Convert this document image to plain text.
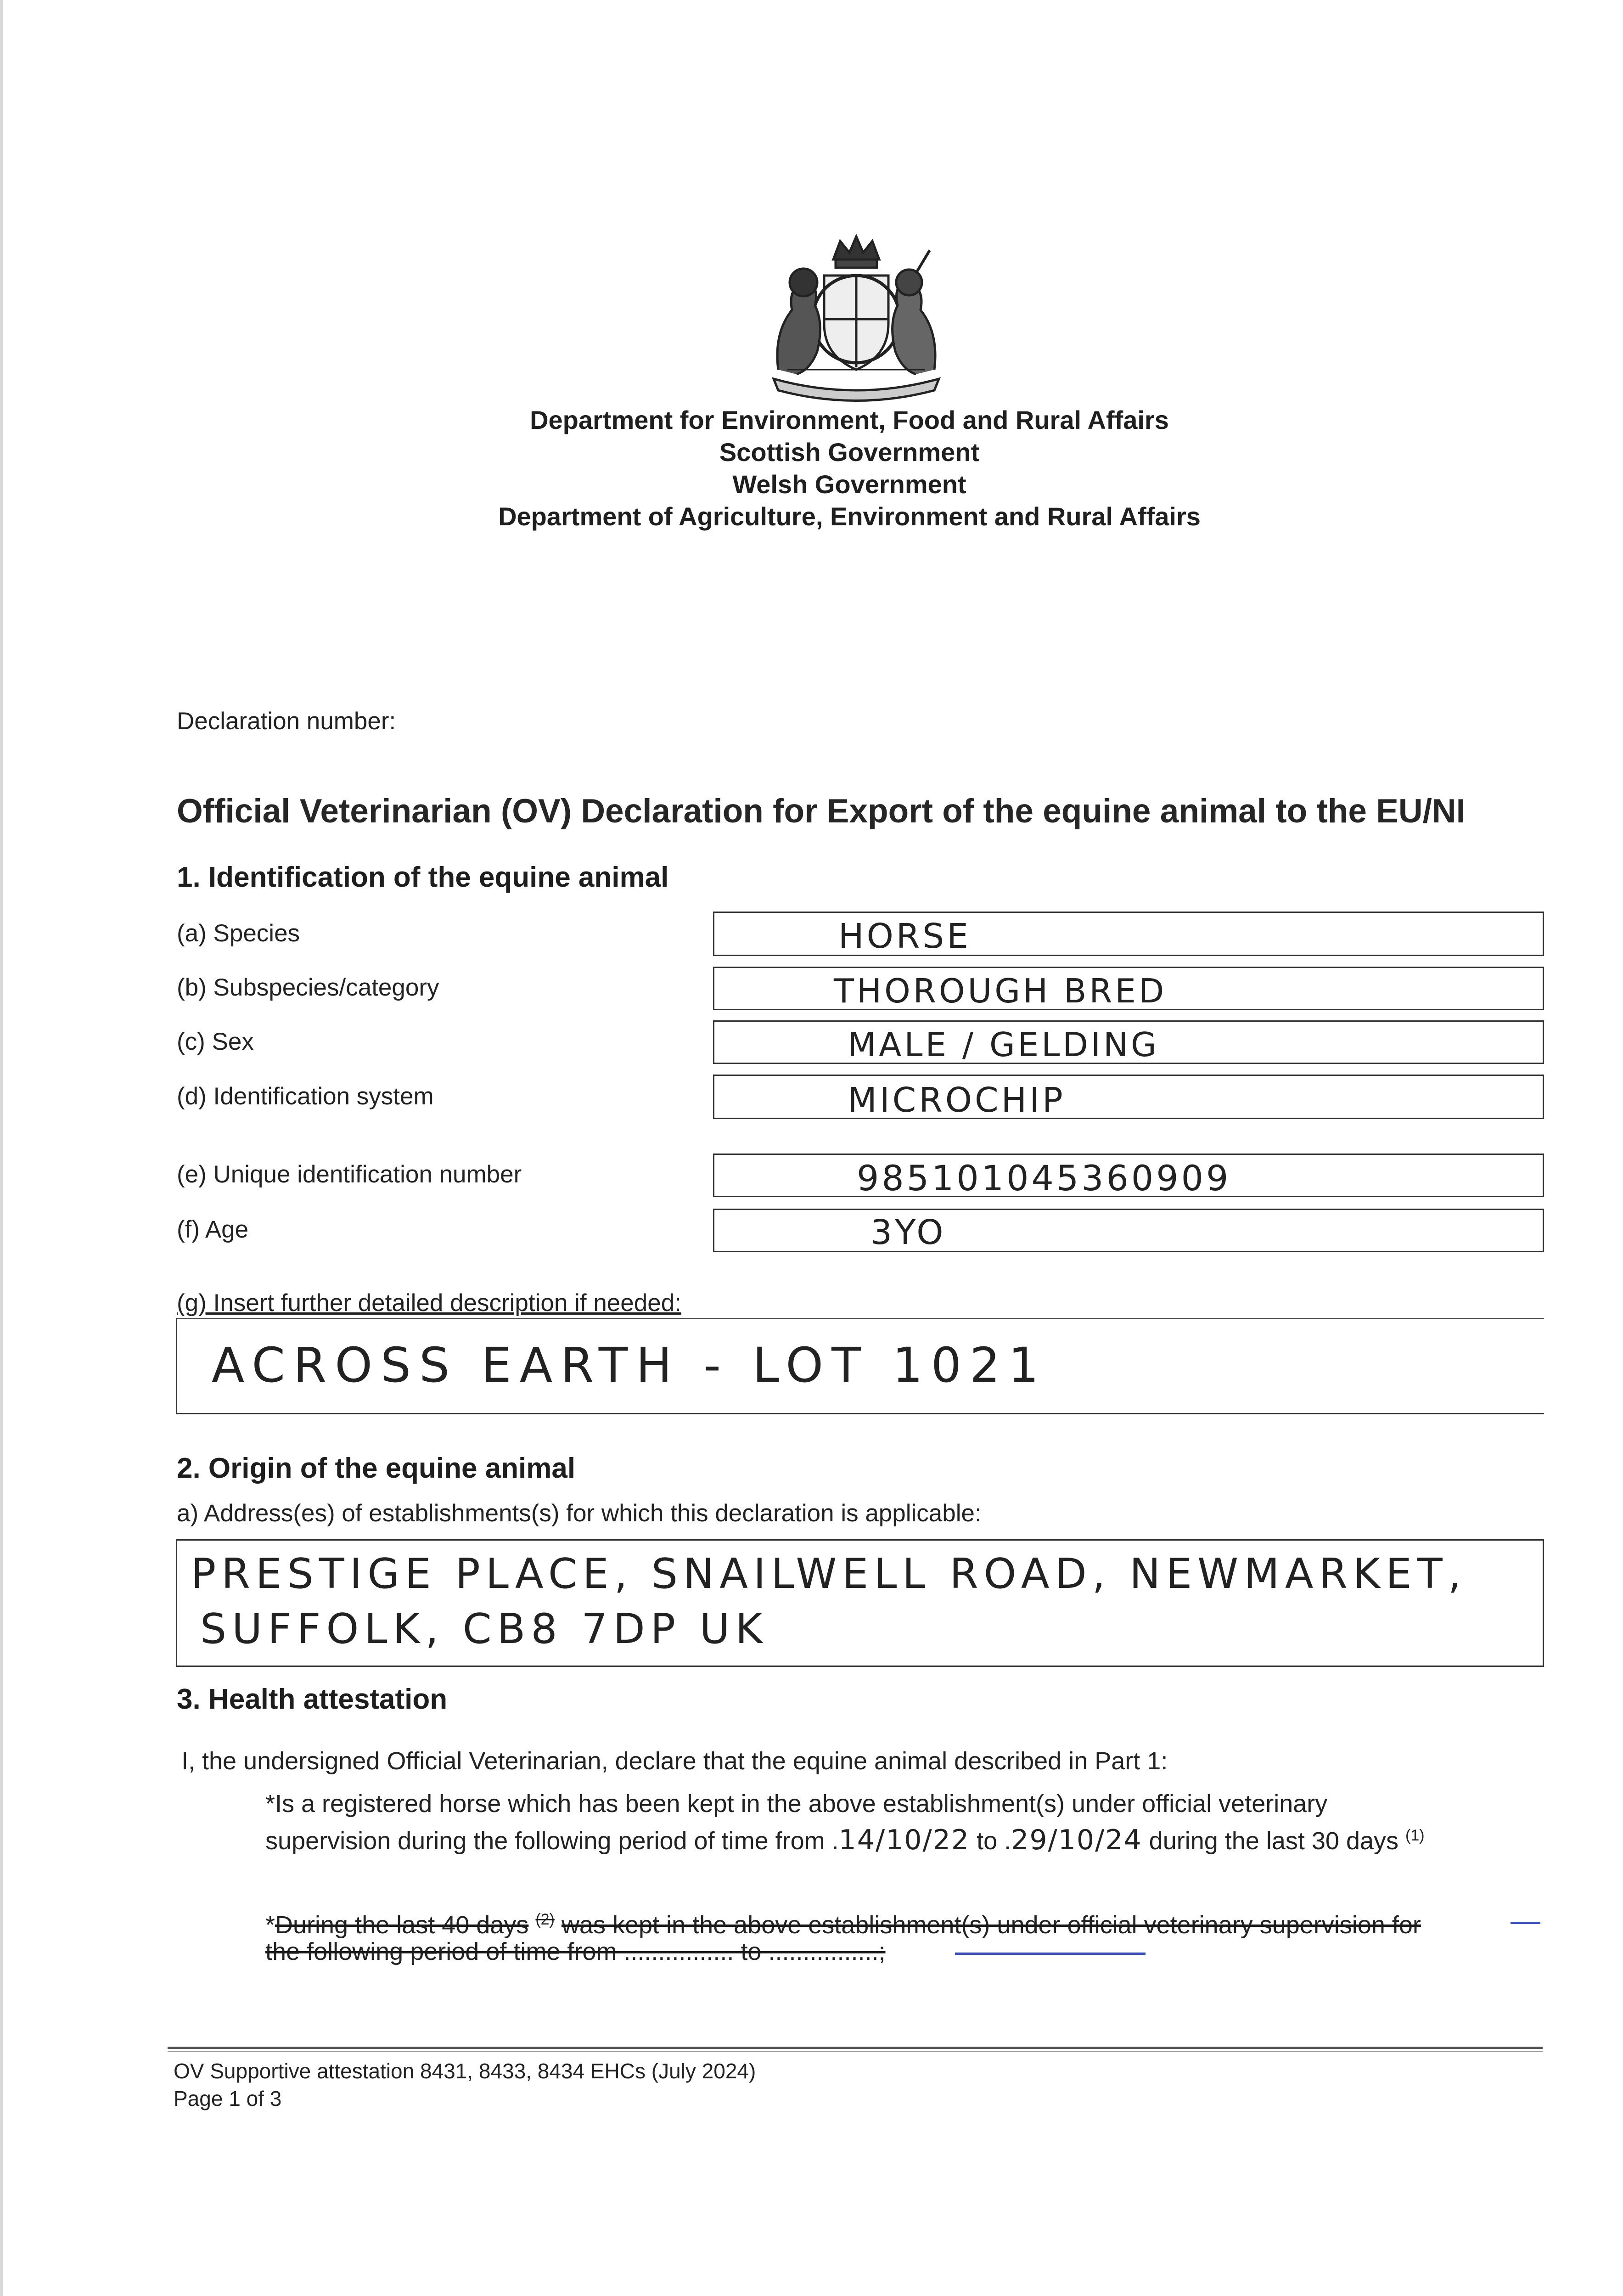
Department for Environment, Food and Rural Affairs
Scottish Government
Welsh Government
Department of Agriculture, Environment and Rural Affairs
Declaration number:
Official Veterinarian (OV) Declaration for Export of the equine animal to the EU/NI
1. Identification of the equine animal
(a) Species	HORSE
(b) Subspecies/category	THOROUGH BRED
(c) Sex	MALE / GELDING
(d) Identification system	MICROCHIP
(e) Unique identification number	985101045360909
(f) Age	3YO
(g) Insert further detailed description if needed:
ACROSS EARTH - LOT 1021
2. Origin of the equine animal
a) Address(es) of establishments(s) for which this declaration is applicable:
PRESTIGE PLACE, SNAILWELL ROAD, NEWMARKET,
SUFFOLK, CB8 7DP UK
3. Health attestation
I, the undersigned Official Veterinarian, declare that the equine animal described in Part 1:
*Is a registered horse which has been kept in the above establishment(s) under official veterinary
supervision during the following period of time from .14/10/22 to .29/10/24 during the last 30 days $^{(1)}$
*During the last 40 days $^{(2)}$ was kept in the above establishment(s) under official veterinary supervision for
the following period of time from ................ to ................;
OV Supportive attestation 8431, 8433, 8434 EHCs (July 2024)
Page 1 of 3
